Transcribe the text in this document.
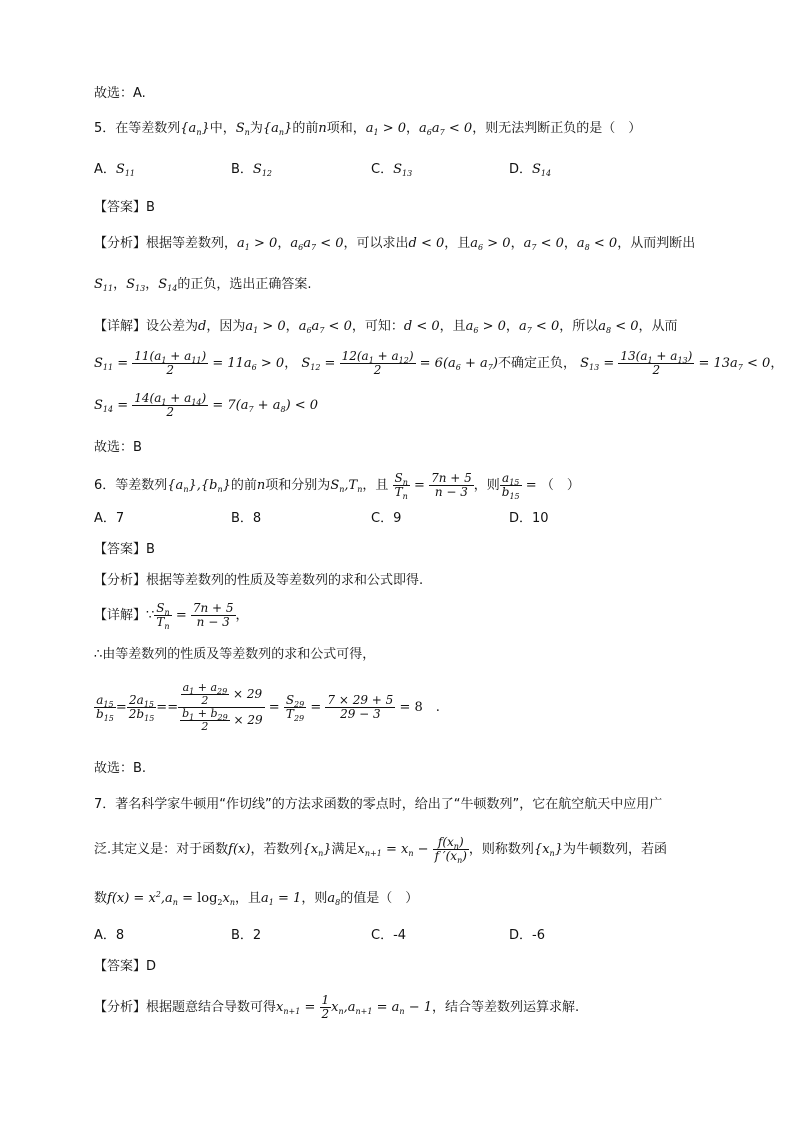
故选：A.
5．在等差数列$\{a_n\}$中，$S_n$为$\{a_n\}$的前n项和，$a_1 > 0$，$a_6a_7 < 0$，则无法判断正负的是（　）
A．$S_{11}$	B．$S_{12}$	C．$S_{13}$	D．$S_{14}$
【答案】B
【分析】根据等差数列，$a_1 > 0$，$a_6a_7 < 0$，可以求出d < 0，且$a_6 > 0$，$a_7 < 0$，$a_8 < 0$，从而判断出
$S_{11}$，$S_{13}$，$S_{14}$的正负，选出正确答案.
【详解】设公差为d，因为$a_1 > 0$，$a_6a_7 < 0$，可知：d < 0，且$a_6 > 0$，$a_7 < 0$，所以$a_8 < 0$，从而
$S_{11} = \frac{11(a_1 + a_{11})}{2} = 11a_6 > 0$， $S_{12} = \frac{12(a_1 + a_{12})}{2} = 6(a_6 + a_7)$不确定正负， $S_{13} = \frac{13(a_1 + a_{13})}{2} = 13a_7 < 0$，
$S_{14} = \frac{14(a_1 + a_{14})}{2} = 7(a_7 + a_8) < 0$
故选：B
6．等差数列$\{a_n\},\{b_n\}$的前n项和分别为$S_n,T_n$，且 $\frac{S_n}{T_n} = \frac{7n + 5}{n - 3}$ ，则 $\frac{a_{15}}{b_{15}}$ = （　）
A．7	B．8	C．9	D．10
【答案】B
【分析】根据等差数列的性质及等差数列的求和公式即得.
【详解】∵ $\frac{S_n}{T_n} = \frac{7n + 5}{n - 3}$ ，
∴由等差数列的性质及等差数列的求和公式可得，
$\frac{a_{15}}{b_{15}} = \frac{2a_{15}}{2b_{15}} == \frac{\frac{a_1 + a_{29}}{2} \times 29}{\frac{b_1 + b_{29}}{2} \times 29} = \frac{S_{29}}{T_{29}} = \frac{7 \times 29 + 5}{29 - 3} = 8$　.
故选：B.
7．著名科学家牛顿用“作切线”的方法求函数的零点时，给出了“牛顿数列”，它在航空航天中应用广
泛.其定义是：对于函数f(x)，若数列$\{x_n\}$满足$x_{n+1} = x_n - \frac{f(x_n)}{f '(x_n)}$ ，则称数列$\{x_n\}$为牛顿数列，若函
数$f(x) = x^2,a_n = \log_2x_n$，且$a_1 = 1$，则$a_8$的值是（　）
A．8	B．2	C．-4	D．-6
【答案】D
【分析】根据题意结合导数可得$x_{n+1} = \frac{1}{2} x_n,a_{n+1} = a_n - 1$，结合等差数列运算求解.
